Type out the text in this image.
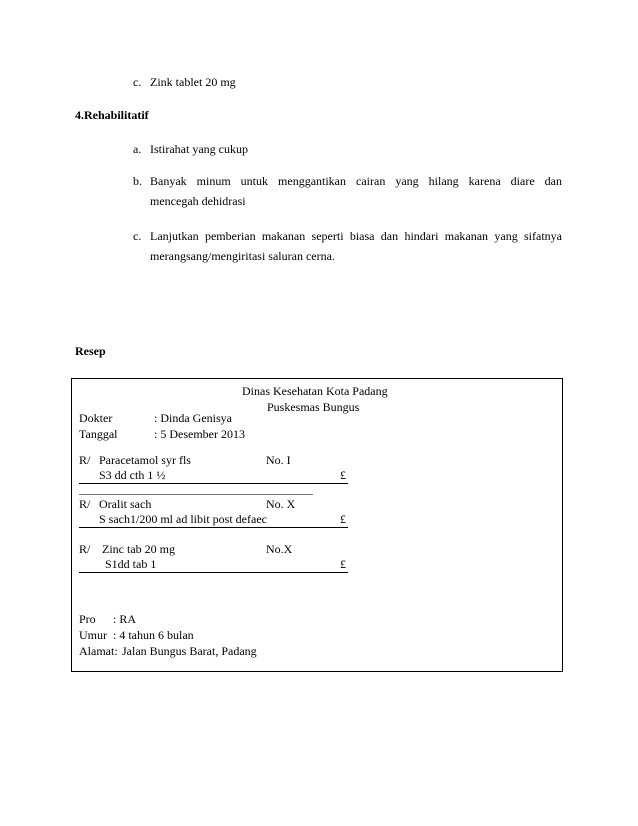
c. Zink tablet 20 mg
4.Rehabilitatif
a. Istirahat yang cukup
b. Banyak minum untuk menggantikan cairan yang hilang karena diare dan
mencegah dehidrasi
c. Lanjutkan pemberian makanan seperti biasa dan hindari makanan yang sifatnya
merangsang/mengiritasi saluran cerna.
Resep
Dinas Kesehatan Kota Padang
Puskesmas Bungus
Dokter	: Dinda Genisya
Tanggal	: 5 Desember 2013
R/ Paracetamol syr fls	No. I
S3 dd cth 1 ½	£
R/ Oralit sach	No. X
S sach1/200 ml ad libit post defaec	£
R/ Zinc tab 20 mg	No.X
S1dd tab 1	£
Pro : RA
Umur : 4 tahun 6 bulan
Alamat: Jalan Bungus Barat, Padang
